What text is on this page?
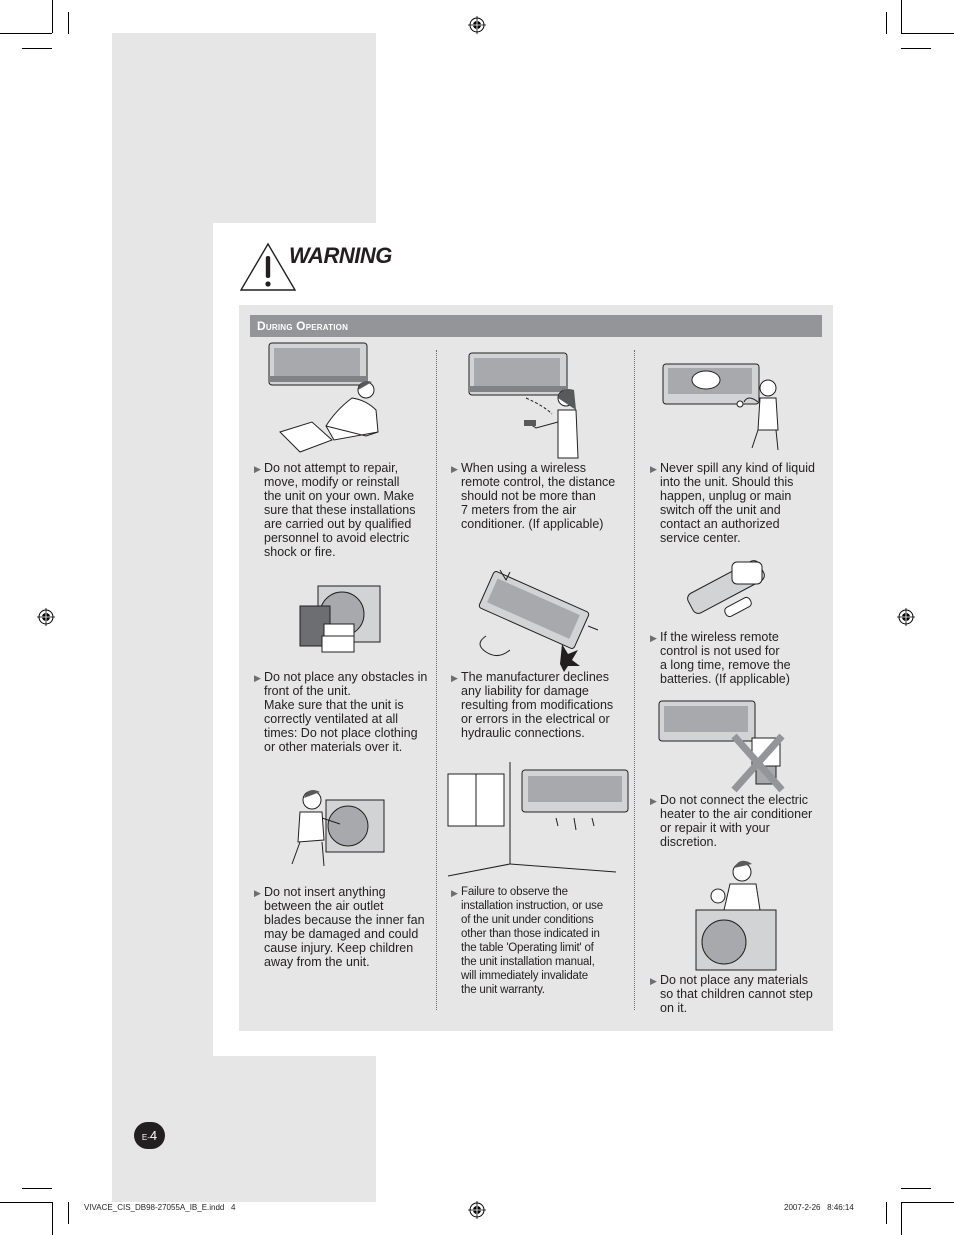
WARNING
During Operation
▶ Do not attempt to repair,
move, modify or reinstall
the unit on your own. Make
sure that these installations
are carried out by qualified
personnel to avoid electric
shock or fire.
▶ When using a wireless
remote control, the distance
should not be more than
7 meters from the air
conditioner. (If applicable)
▶ Never spill any kind of liquid
into the unit. Should this
happen, unplug or main
switch off the unit and
contact an authorized
service center.
▶ If the wireless remote
control is not used for
a long time, remove the
batteries. (If applicable)
▶ Do not place any obstacles in
front of the unit.
Make sure that the unit is
correctly ventilated at all
times: Do not place clothing
or other materials over it.
▶ The manufacturer declines
any liability for damage
resulting from modifications
or errors in the electrical or
hydraulic connections.
▶ Do not connect the electric
heater to the air conditioner
or repair it with your
discretion.
▶ Do not insert anything
between the air outlet
blades because the inner fan
may be damaged and could
cause injury. Keep children
away from the unit.
▶ Failure to observe the
installation instruction, or use
of the unit under conditions
other than those indicated in
the table 'Operating limit' of
the unit installation manual,
will immediately invalidate
the unit warranty.
▶ Do not place any materials
so that children cannot step
on it.
E-4
VIVACE_CIS_DB98-27055A_IB_E.indd   4	2007-2-26   8:46:14
